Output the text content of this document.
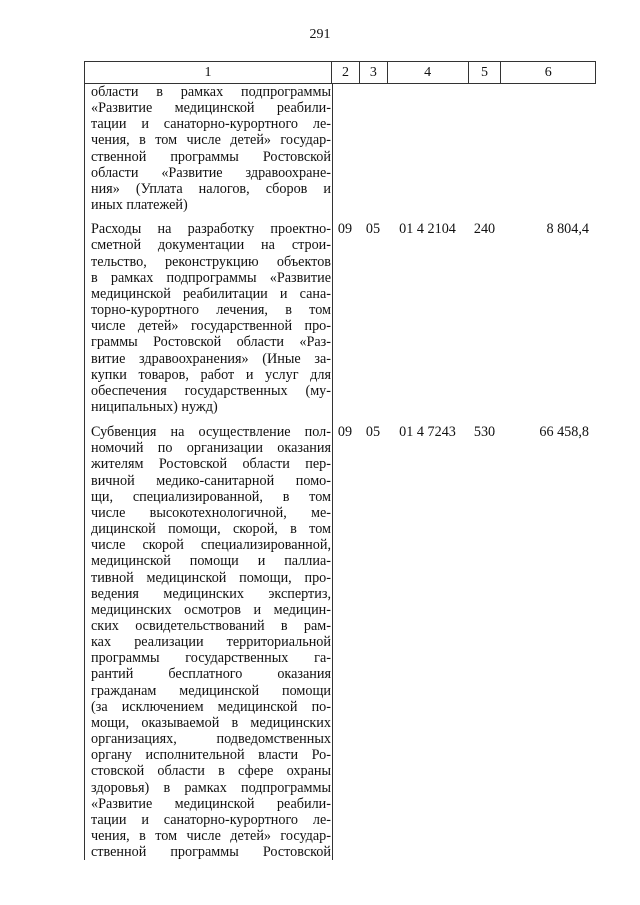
291
1	2	3	4	5	6
области в рамках подпрограммы
«Развитие медицинской реабили-
тации и санаторно-курортного ле-
чения, в том числе детей» государ-
ственной программы Ростовской
области «Развитие здравоохране-
ния» (Уплата налогов, сборов и
иных платежей)
Расходы на разработку проектно-
сметной документации на строи-
тельство, реконструкцию объектов
в рамках подпрограммы «Развитие
медицинской реабилитации и сана-
торно-курортного лечения, в том
числе детей» государственной про-
граммы Ростовской области «Раз-
витие здравоохранения» (Иные за-
купки товаров, работ и услуг для
обеспечения государственных (му-
ниципальных) нужд)
09 05	01 4 2104	240	8 804,4
Субвенция на осуществление пол-
номочий по организации оказания
жителям Ростовской области пер-
вичной медико-санитарной помо-
щи, специализированной, в том
числе высокотехнологичной, ме-
дицинской помощи, скорой, в том
числе скорой специализированной,
медицинской помощи и паллиа-
тивной медицинской помощи, про-
ведения медицинских экспертиз,
медицинских осмотров и медицин-
ских освидетельствований в рам-
ках реализации территориальной
программы государственных га-
рантий бесплатного оказания
гражданам медицинской помощи
(за исключением медицинской по-
мощи, оказываемой в медицинских
организациях, подведомственных
органу исполнительной власти Ро-
стовской области в сфере охраны
здоровья) в рамках подпрограммы
«Развитие медицинской реабили-
тации и санаторно-курортного ле-
чения, в том числе детей» государ-
ственной программы Ростовской
09 05	01 4 7243	530	66 458,8
